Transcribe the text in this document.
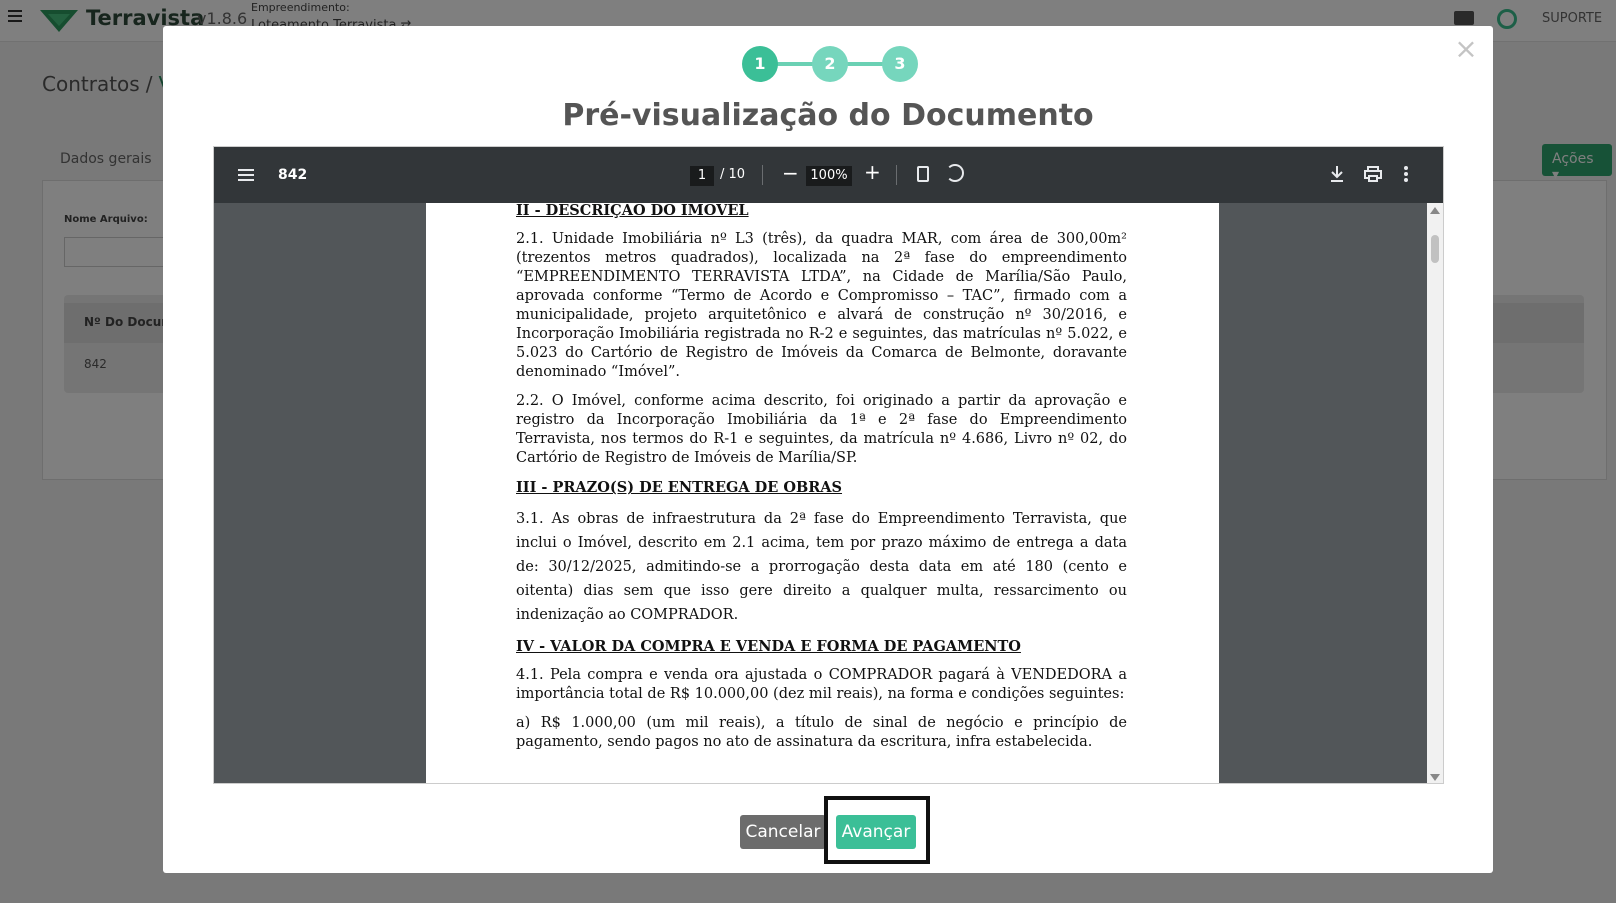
×
1	2	3
Pré-visualização do Documento
842	1	/ 10 − 100% +

II - DESCRIÇÃO DO IMÓVEL

2.1. Unidade Imobiliária nº L3 (três), da quadra MAR, com área de 300,00m² (trezentos metros quadrados), localizada na 2ª fase do empreendimento “EMPREENDIMENTO TERRAVISTA LTDA”, na Cidade de Marília/São Paulo, aprovada conforme “Termo de Acordo e Compromisso – TAC”, firmado com a municipalidade, projeto arquitetônico e alvará de construção nº 30/2016, e Incorporação Imobiliária registrada no R-2 e seguintes, das matrículas nº 5.022, e 5.023 do Cartório de Registro de Imóveis da Comarca de Belmonte, doravante denominado “Imóvel”.

2.2. O Imóvel, conforme acima descrito, foi originado a partir da aprovação e registro da Incorporação Imobiliária da 1ª e 2ª fase do Empreendimento Terravista, nos termos do R-1 e seguintes, da matrícula nº 4.686, Livro nº 02, do Cartório de Registro de Imóveis de Marília/SP.

III - PRAZO(S) DE ENTREGA DE OBRAS

3.1. As obras de infraestrutura da 2ª fase do Empreendimento Terravista, que inclui o Imóvel, descrito em 2.1 acima, tem por prazo máximo de entrega a data de: 30/12/2025, admitindo-se a prorrogação desta data em até 180 (cento e oitenta) dias sem que isso gere direito a qualquer multa, ressarcimento ou indenização ao COMPRADOR.

IV - VALOR DA COMPRA E VENDA E FORMA DE PAGAMENTO

4.1. Pela compra e venda ora ajustada o COMPRADOR pagará à VENDEDORA a importância total de R$ 10.000,00 (dez mil reais), na forma e condições seguintes:

a) R$ 1.000,00 (um mil reais), a título de sinal de negócio e princípio de pagamento, sendo pagos no ato de assinatura da escritura, infra estabelecida.

Cancelar	Avançar
